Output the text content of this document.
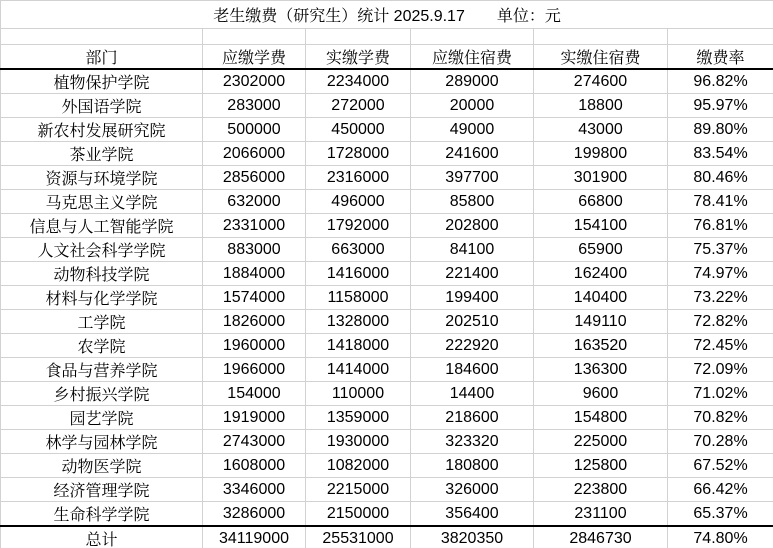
老生缴费（研究生）统计 2025.9.17　　单位：元					

部门	应缴学费	实缴学费	应缴住宿费	实缴住宿费	缴费率
植物保护学院	2302000	2234000	289000	274600	96.82%
外国语学院	283000	272000	20000	18800	95.97%
新农村发展研究院	500000	450000	49000	43000	89.80%
茶业学院	2066000	1728000	241600	199800	83.54%
资源与环境学院	2856000	2316000	397700	301900	80.46%
马克思主义学院	632000	496000	85800	66800	78.41%
信息与人工智能学院	2331000	1792000	202800	154100	76.81%
人文社会科学学院	883000	663000	84100	65900	75.37%
动物科技学院	1884000	1416000	221400	162400	74.97%
材料与化学学院	1574000	1158000	199400	140400	73.22%
工学院	1826000	1328000	202510	149110	72.82%
农学院	1960000	1418000	222920	163520	72.45%
食品与营养学院	1966000	1414000	184600	136300	72.09%
乡村振兴学院	154000	110000	14400	9600	71.02%
园艺学院	1919000	1359000	218600	154800	70.82%
林学与园林学院	2743000	1930000	323320	225000	70.28%
动物医学院	1608000	1082000	180800	125800	67.52%
经济管理学院	3346000	2215000	326000	223800	66.42%
生命科学学院	3286000	2150000	356400	231100	65.37%
总计	34119000	25531000	3820350	2846730	74.80%
